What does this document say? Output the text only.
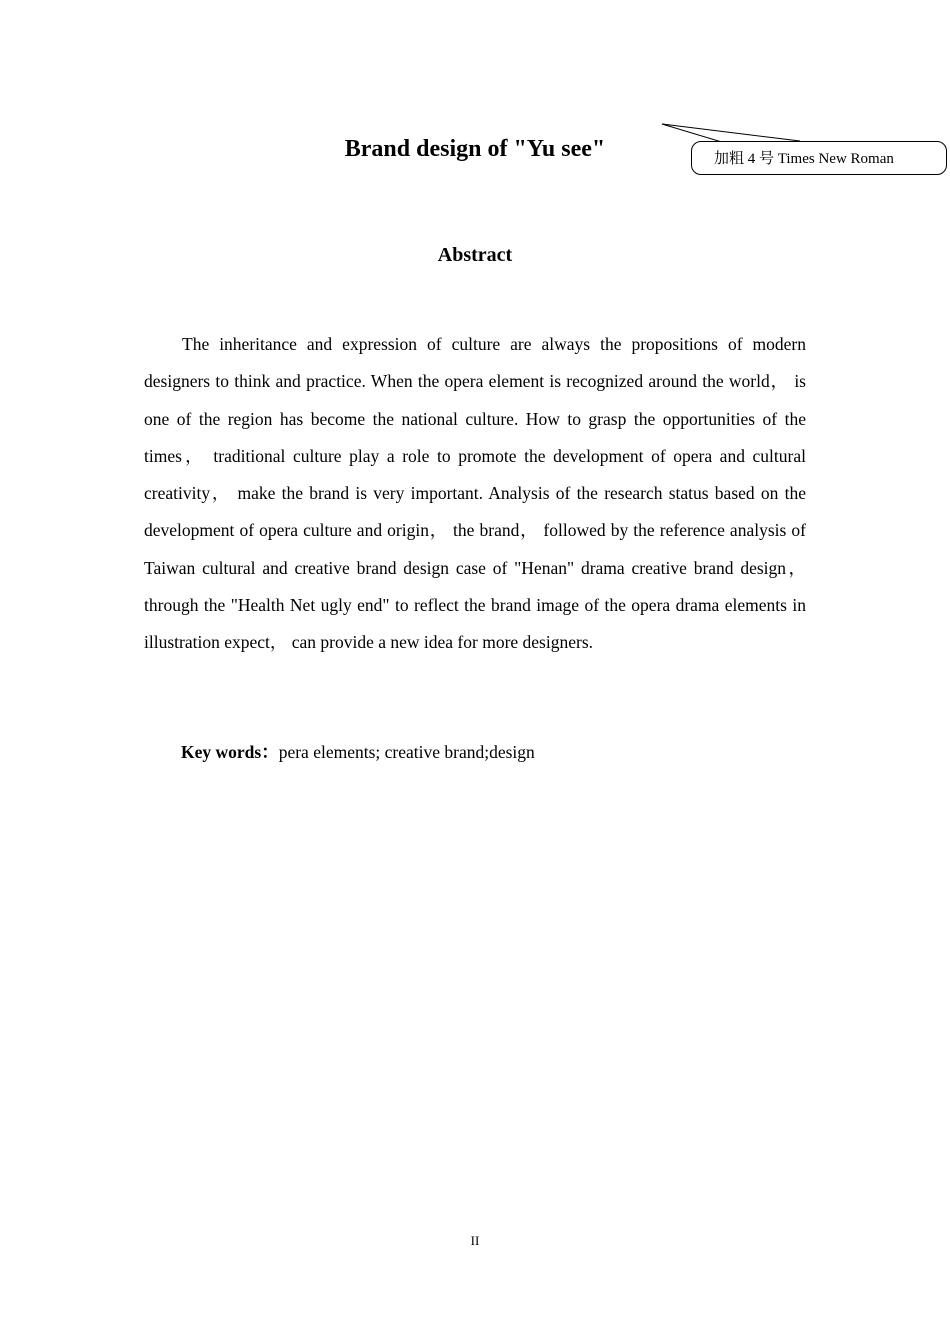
Brand design of "Yu see"	加粗 4 号 Times New Roman
Abstract

The inheritance and expression of culture are always the propositions of modern designers to think and practice. When the opera element is recognized around the world， is one of the region has become the national culture. How to grasp the opportunities of the times， traditional culture play a role to promote the development of opera and cultural creativity， make the brand is very important. Analysis of the research status based on the development of opera culture and origin， the brand， followed by the reference analysis of Taiwan cultural and creative brand design case of "Henan" drama creative brand design，through the "Health Net ugly end" to reflect the brand image of the opera drama elements in illustration expect， can provide a new idea for more designers.

Key words：pera elements; creative brand;design
II
